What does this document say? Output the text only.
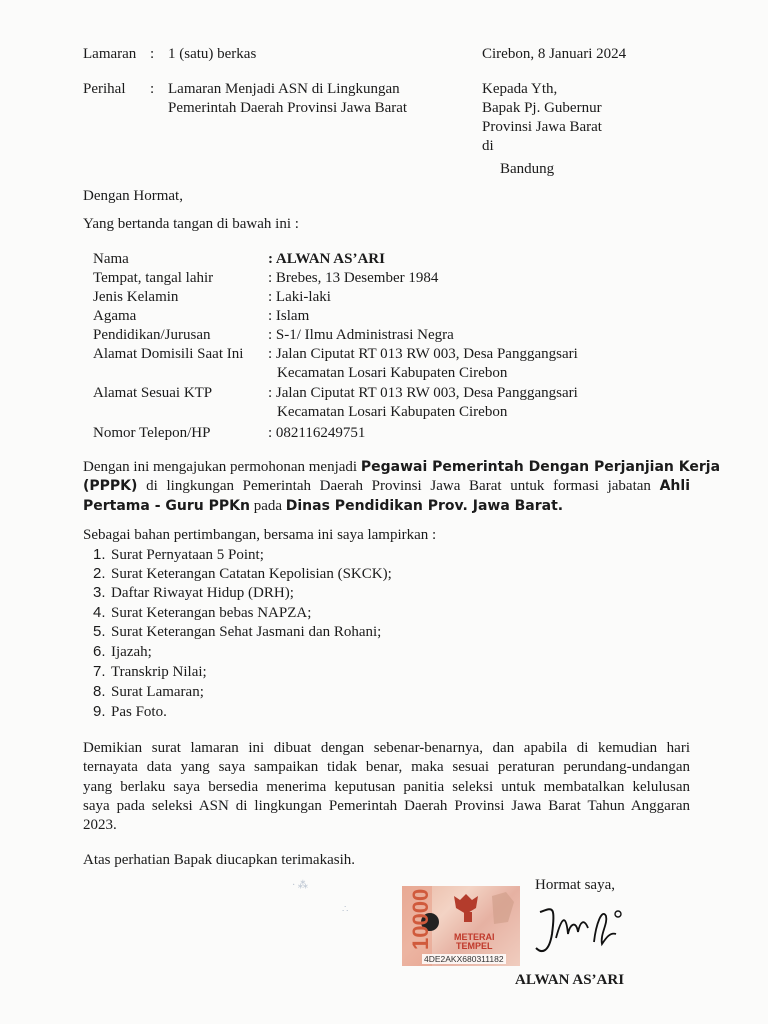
Lamaran : 1 (satu) berkas
Perihal : Lamaran Menjadi ASN di Lingkungan
Pemerintah Daerah Provinsi Jawa Barat
Cirebon, 8 Januari 2024
Kepada Yth,
Bapak Pj. Gubernur
Provinsi Jawa Barat
di
Bandung
Dengan Hormat,
Yang bertanda tangan di bawah ini :
Nama	: ALWAN AS’ARI
Tempat, tangal lahir	: Brebes, 13 Desember 1984
Jenis Kelamin	: Laki-laki
Agama	: Islam
Pendidikan/Jurusan	: S-1/ Ilmu Administrasi Negra
Alamat Domisili Saat Ini : Jalan Ciputat RT 013 RW 003, Desa Panggangsari
Kecamatan Losari Kabupaten Cirebon
Alamat Sesuai KTP	: Jalan Ciputat RT 013 RW 003, Desa Panggangsari
Kecamatan Losari Kabupaten Cirebon
Nomor Telepon/HP	: 082116249751
Dengan ini mengajukan permohonan menjadi Pegawai Pemerintah Dengan Perjanjian Kerja
(PPPK) di lingkungan Pemerintah Daerah Provinsi Jawa Barat untuk formasi jabatan Ahli
Pertama - Guru PPKn pada Dinas Pendidikan Prov. Jawa Barat.
Sebagai bahan pertimbangan, bersama ini saya lampirkan :
1. Surat Pernyataan 5 Point;
2. Surat Keterangan Catatan Kepolisian (SKCK);
3. Daftar Riwayat Hidup (DRH);
4. Surat Keterangan bebas NAPZA;
5. Surat Keterangan Sehat Jasmani dan Rohani;
6. Ijazah;
7. Transkrip Nilai;
8. Surat Lamaran;
9. Pas Foto.
Demikian surat lamaran ini dibuat dengan sebenar-benarnya, dan apabila di kemudian hari
ternayata data yang saya sampaikan tidak benar, maka sesuai peraturan perundang-undangan
yang berlaku saya bersedia menerima keputusan panitia seleksi untuk membatalkan kelulusan
saya pada seleksi ASN di lingkungan Pemerintah Daerah Provinsi Jawa Barat Tahun Anggaran
2023.
Atas perhatian Bapak diucapkan terimakasih.
· ⁂
∴
Hormat saya,
10000 METERAI
TEMPEL
4DE2AKX680311182
ALWAN AS’ARI
